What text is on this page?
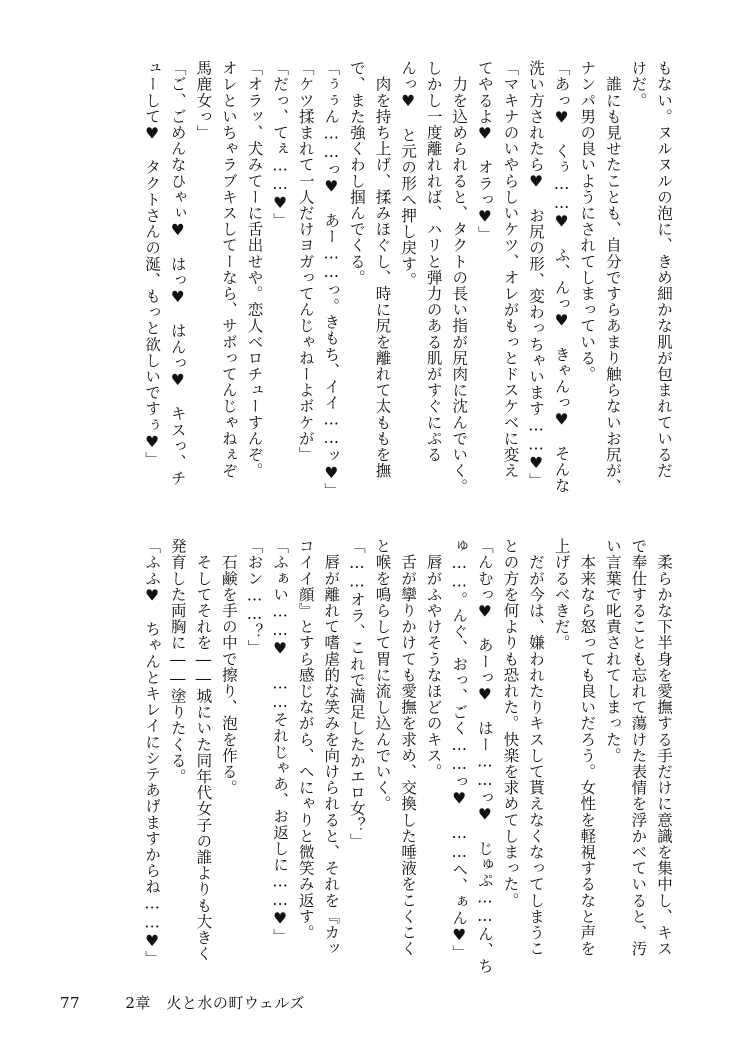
もない。ヌルヌルの泡に、きめ細かな肌が包まれているだ
けだ。
　誰にも見せたことも、自分ですらあまり触らないお尻が、
ナンパ男の良いようにされてしまっている。
「あっ♥　くぅ……♥　ふ、んっ♥　きゃんっ♥　そんな
洗い方されたら♥　お尻の形、変わっちゃいます……♥」
「マキナのいやらしいケツ、オレがもっとドスケベに変え
てやるよ♥　オラっ♥」
　力を込められると、タクトの長い指が尻肉に沈んでいく。
しかし一度離れれば、ハリと弾力のある肌がすぐにぷる
んっ♥　と元の形へ押し戻す。
　肉を持ち上げ、揉みほぐし、時に尻を離れて太ももを撫
で、また強くわし掴んでくる。
「ぅぅん……っ♥　あー……っ。きもち、イイ……ッ♥」
「ケツ揉まれて一人だけヨガってんじゃねーよボケが」
「だっ、てぇ……♥」
「オラッ、犬みてーに舌出せや。恋人ベロチューすんぞ。
オレといちゃラブキスしてーなら、サボってんじゃねぇぞ
馬鹿女っ」
「ご、ごめんなひゃぃ♥　はっ♥　はんっ♥　キスっ、チ
ューして♥　タクトさんの涎、もっと欲しいですぅ♥」
　柔らかな下半身を愛撫する手だけに意識を集中し、キス
で奉仕することも忘れて蕩けた表情を浮かべていると、汚
い言葉で叱責されてしまった。
　本来なら怒っても良いだろう。女性を軽視するなと声を
上げるべきだ。
　だが今は、嫌われたりキスして貰えなくなってしまうこ
との方を何よりも恐れた。快楽を求めてしまった。
「んむっ♥　あーっ♥　はー……っ♥　じゅぷ……ん、ち
ゅ……。んぐ、おっ、ごく……っ♥　……へ、ぁん♥」
　唇がふやけそうなほどのキス。
　舌が攣りかけても愛撫を求め、交換した唾液をこくこく
と喉を鳴らして胃に流し込んでいく。
「……オラ、これで満足したかエロ女？」
　唇が離れて嗜虐的な笑みを向けられると、それを『カッ
コイイ顔』とすら感じながら、へにゃりと微笑み返す。
「ふぁい……♥　……それじゃあ、お返しに……♥」
「おン……？」
　石鹸を手の中で擦り、泡を作る。
　そしてそれを――城にいた同年代女子の誰よりも大きく
発育した両胸に――塗りたくる。
「ふふ♥　ちゃんとキレイにシテあげますからね……♥」
77	2章　火と水の町ウェルズ
